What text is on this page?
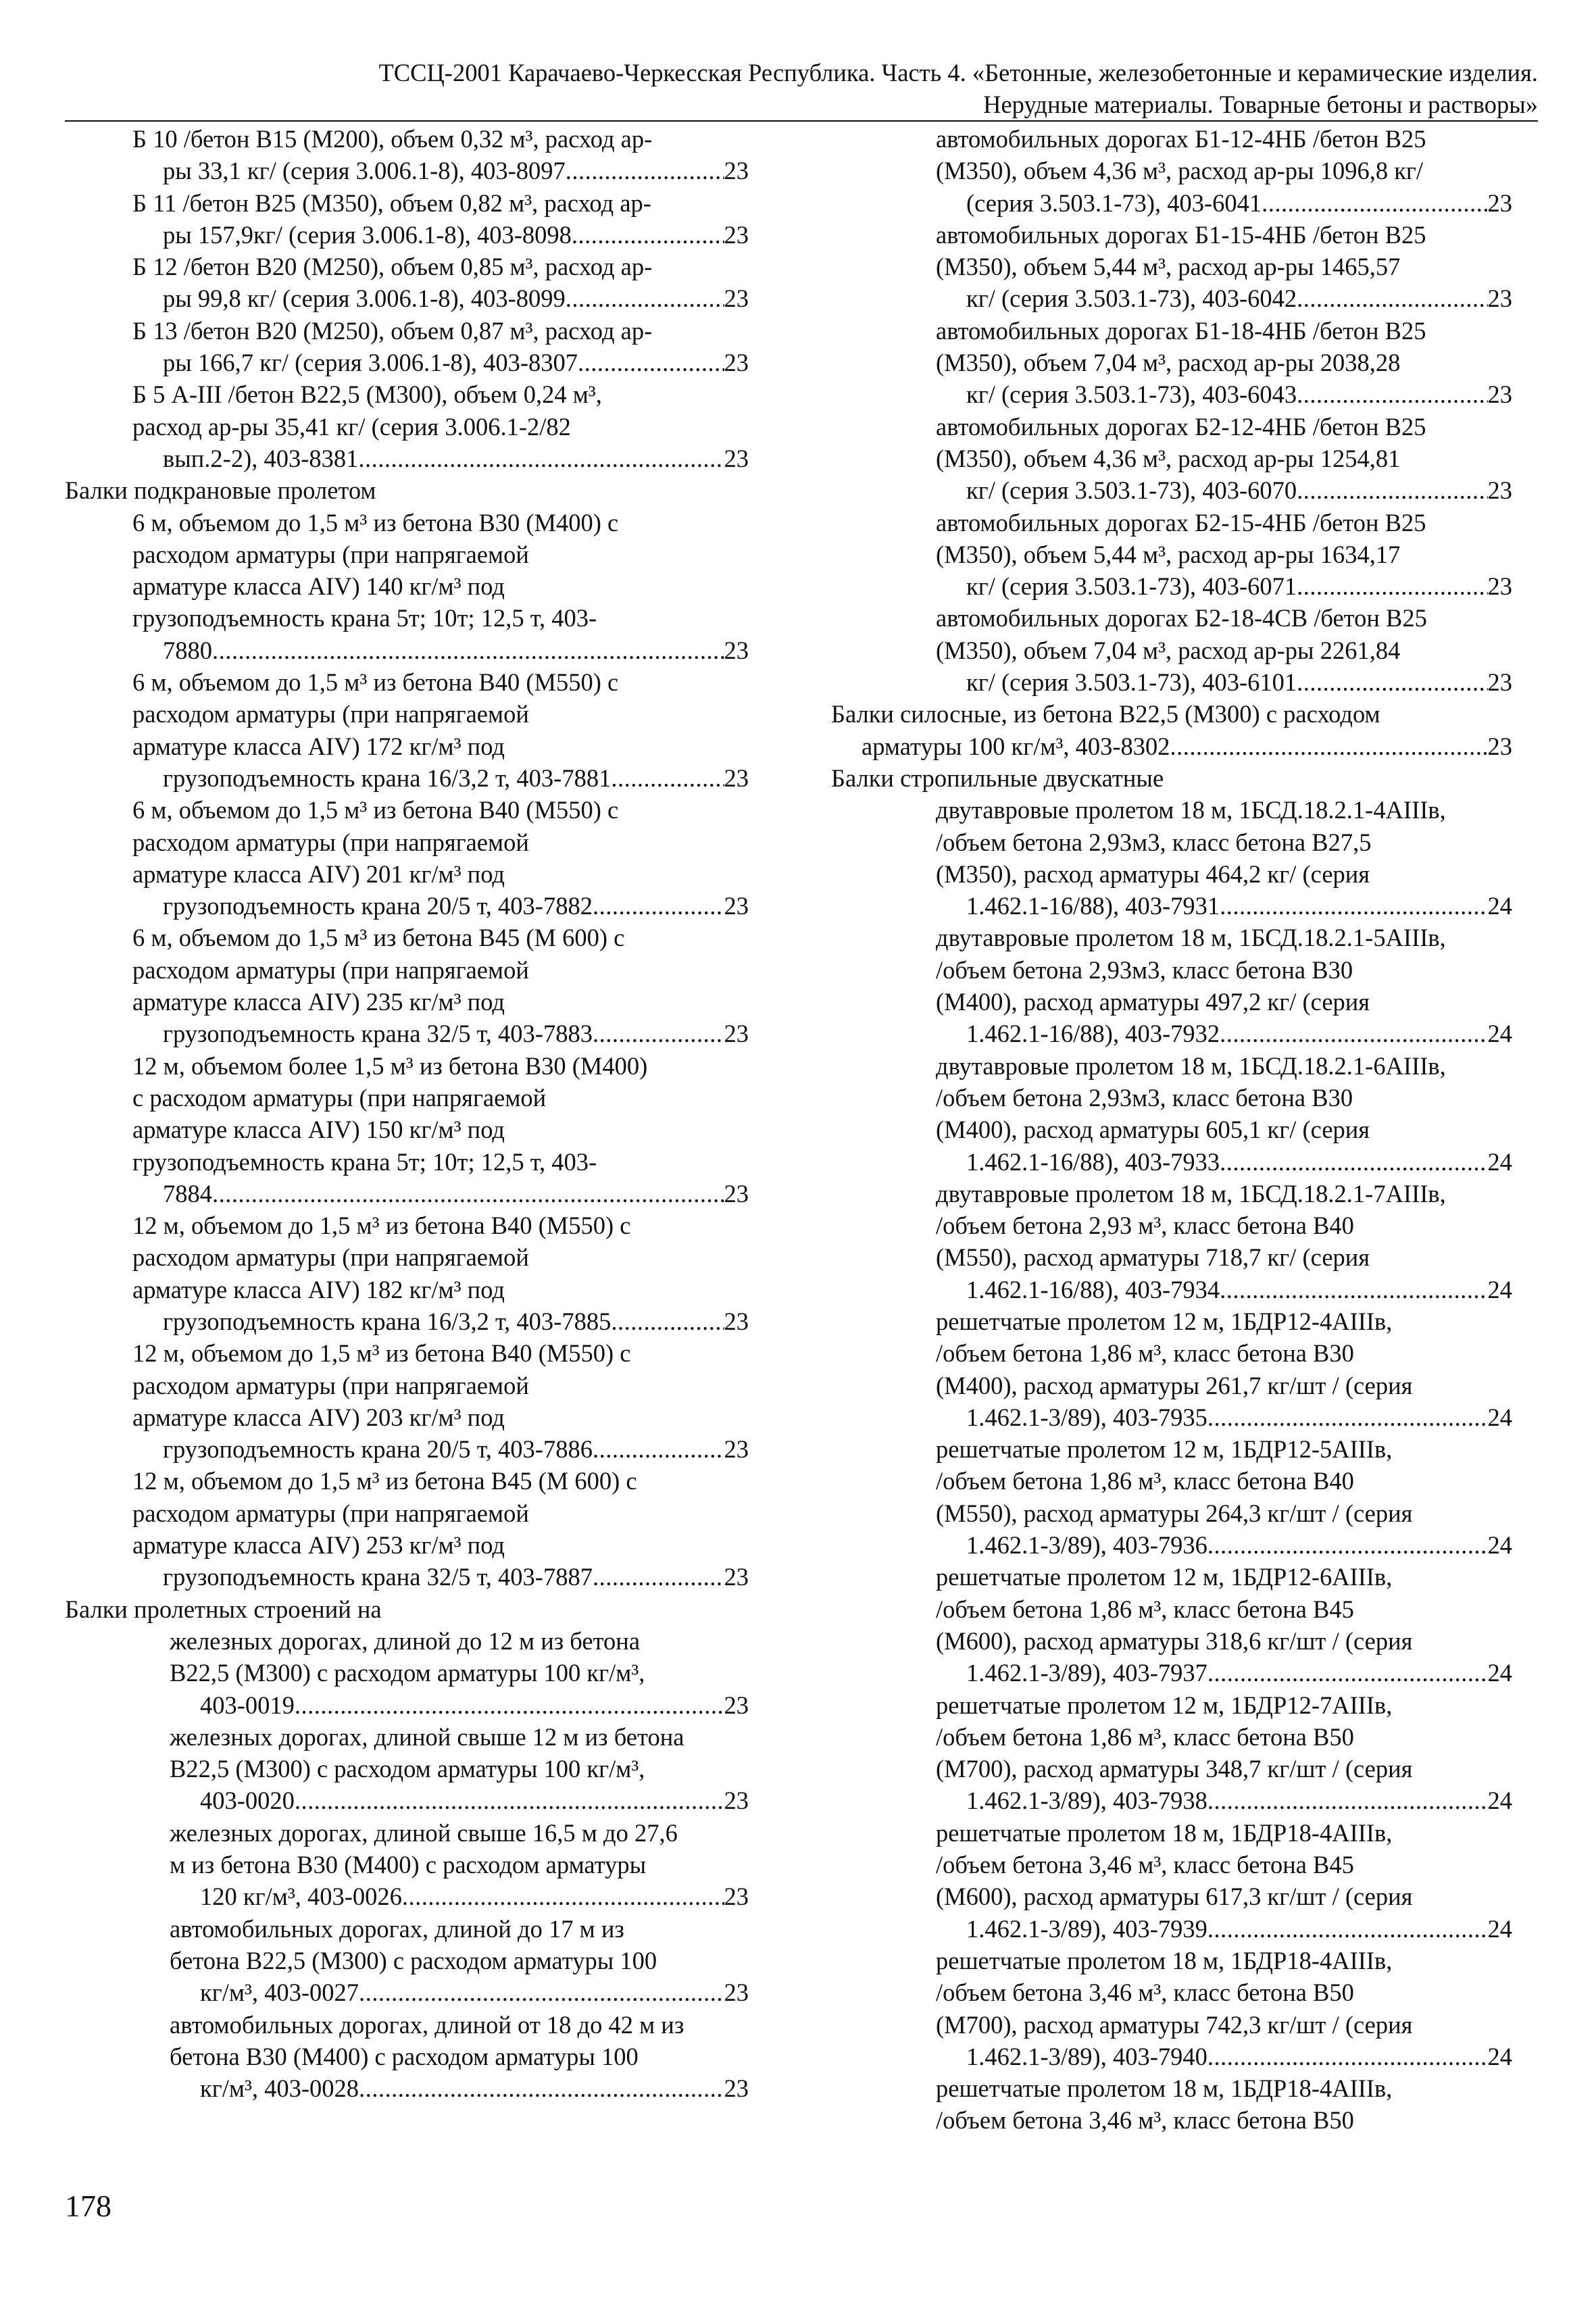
ТССЦ-2001 Карачаево-Черкесская Республика. Часть 4. «Бетонные, железобетонные и керамические изделия.
Нерудные материалы. Товарные бетоны и растворы»
Б 10 /бетон B15 (M200), объем 0,32 м³, расход ар-
ры 33,1 кг/ (серия 3.006.1-8), 403-8097 .....	23
Б 11 /бетон B25 (M350), объем 0,82 м³, расход ар-
ры 157,9кг/ (серия 3.006.1-8), 403-8098 .....	23
Б 12 /бетон B20 (M250), объем 0,85 м³, расход ар-
ры 99,8 кг/ (серия 3.006.1-8), 403-8099 .....	23
Б 13 /бетон B20 (M250), объем 0,87 м³, расход ар-
ры 166,7 кг/ (серия 3.006.1-8), 403-8307 .....	23
Б 5 A-III /бетон B22,5 (M300), объем 0,24 м³,
расход ар-ры 35,41 кг/ (серия 3.006.1-2/82
вып.2-2), 403-8381 .....	23
Балки подкрановые пролетом
6 м, объемом до 1,5 м³ из бетона B30 (M400) с
расходом арматуры (при напрягаемой
арматуре класса AIV) 140 кг/м³ под
грузоподъемность крана 5т; 10т; 12,5 т, 403-
7880 .....	23
6 м, объемом до 1,5 м³ из бетона B40 (M550) с
расходом арматуры (при напрягаемой
арматуре класса AIV) 172 кг/м³ под
грузоподъемность крана 16/3,2 т, 403-7881 .....	23
6 м, объемом до 1,5 м³ из бетона B40 (M550) с
расходом арматуры (при напрягаемой
арматуре класса AIV) 201 кг/м³ под
грузоподъемность крана 20/5 т, 403-7882 .....	23
6 м, объемом до 1,5 м³ из бетона B45 (M 600) с
расходом арматуры (при напрягаемой
арматуре класса AIV) 235 кг/м³ под
грузоподъемность крана 32/5 т, 403-7883 .....	23
12 м, объемом более 1,5 м³ из бетона B30 (M400)
с расходом арматуры (при напрягаемой
арматуре класса AIV) 150 кг/м³ под
грузоподъемность крана 5т; 10т; 12,5 т, 403-
7884 .....	23
12 м, объемом до 1,5 м³ из бетона B40 (M550) с
расходом арматуры (при напрягаемой
арматуре класса AIV) 182 кг/м³ под
грузоподъемность крана 16/3,2 т, 403-7885 .....	23
12 м, объемом до 1,5 м³ из бетона B40 (M550) с
расходом арматуры (при напрягаемой
арматуре класса AIV) 203 кг/м³ под
грузоподъемность крана 20/5 т, 403-7886 .....	23
12 м, объемом до 1,5 м³ из бетона B45 (M 600) с
расходом арматуры (при напрягаемой
арматуре класса AIV) 253 кг/м³ под
грузоподъемность крана 32/5 т, 403-7887 .....	23
Балки пролетных строений на
железных дорогах, длиной до 12 м из бетона
B22,5 (M300) с расходом арматуры 100 кг/м³,
403-0019 .....	23
железных дорогах, длиной свыше 12 м из бетона
B22,5 (M300) с расходом арматуры 100 кг/м³,
403-0020 .....	23
железных дорогах, длиной свыше 16,5 м до 27,6
м из бетона B30 (M400) с расходом арматуры
120 кг/м³, 403-0026 .....	23
автомобильных дорогах, длиной до 17 м из
бетона B22,5 (M300) с расходом арматуры 100
кг/м³, 403-0027 .....	23
автомобильных дорогах, длиной от 18 до 42 м из
бетона B30 (M400) с расходом арматуры 100
кг/м³, 403-0028 .....	23
автомобильных дорогах Б1-12-4НБ /бетон B25
(M350), объем 4,36 м³, расход ар-ры 1096,8 кг/
(серия 3.503.1-73), 403-6041 .....	23
автомобильных дорогах Б1-15-4НБ /бетон B25
(M350), объем 5,44 м³, расход ар-ры 1465,57
кг/ (серия 3.503.1-73), 403-6042 .....	23
автомобильных дорогах Б1-18-4НБ /бетон B25
(M350), объем 7,04 м³, расход ар-ры 2038,28
кг/ (серия 3.503.1-73), 403-6043 .....	23
автомобильных дорогах Б2-12-4НБ /бетон B25
(M350), объем 4,36 м³, расход ар-ры 1254,81
кг/ (серия 3.503.1-73), 403-6070 .....	23
автомобильных дорогах Б2-15-4НБ /бетон B25
(M350), объем 5,44 м³, расход ар-ры 1634,17
кг/ (серия 3.503.1-73), 403-6071 .....	23
автомобильных дорогах Б2-18-4СВ /бетон B25
(M350), объем 7,04 м³, расход ар-ры 2261,84
кг/ (серия 3.503.1-73), 403-6101 .....	23
Балки силосные, из бетона B22,5 (M300) с расходом
арматуры 100 кг/м³, 403-8302 .....	23
Балки стропильные двускатные
двутавровые пролетом 18 м, 1БСД.18.2.1-4AIIIв,
/объем бетона 2,93м3, класс бетона B27,5
(M350), расход арматуры 464,2 кг/ (серия
1.462.1-16/88), 403-7931 .....	24
двутавровые пролетом 18 м, 1БСД.18.2.1-5AIIIв,
/объем бетона 2,93м3, класс бетона B30
(M400), расход арматуры 497,2 кг/ (серия
1.462.1-16/88), 403-7932 .....	24
двутавровые пролетом 18 м, 1БСД.18.2.1-6AIIIв,
/объем бетона 2,93м3, класс бетона B30
(M400), расход арматуры 605,1 кг/ (серия
1.462.1-16/88), 403-7933 .....	24
двутавровые пролетом 18 м, 1БСД.18.2.1-7AIIIв,
/объем бетона 2,93 м³, класс бетона B40
(M550), расход арматуры 718,7 кг/ (серия
1.462.1-16/88), 403-7934 .....	24
решетчатые пролетом 12 м, 1БДР12-4AIIIв,
/объем бетона 1,86 м³, класс бетона B30
(M400), расход арматуры 261,7 кг/шт / (серия
1.462.1-3/89), 403-7935 .....	24
решетчатые пролетом 12 м, 1БДР12-5AIIIв,
/объем бетона 1,86 м³, класс бетона B40
(M550), расход арматуры 264,3 кг/шт / (серия
1.462.1-3/89), 403-7936 .....	24
решетчатые пролетом 12 м, 1БДР12-6AIIIв,
/объем бетона 1,86 м³, класс бетона B45
(M600), расход арматуры 318,6 кг/шт / (серия
1.462.1-3/89), 403-7937 .....	24
решетчатые пролетом 12 м, 1БДР12-7AIIIв,
/объем бетона 1,86 м³, класс бетона B50
(M700), расход арматуры 348,7 кг/шт / (серия
1.462.1-3/89), 403-7938 .....	24
решетчатые пролетом 18 м, 1БДР18-4AIIIв,
/объем бетона 3,46 м³, класс бетона B45
(M600), расход арматуры 617,3 кг/шт / (серия
1.462.1-3/89), 403-7939 .....	24
решетчатые пролетом 18 м, 1БДР18-4AIIIв,
/объем бетона 3,46 м³, класс бетона B50
(M700), расход арматуры 742,3 кг/шт / (серия
1.462.1-3/89), 403-7940 .....	24
решетчатые пролетом 18 м, 1БДР18-4AIIIв,
/объем бетона 3,46 м³, класс бетона B50
178
